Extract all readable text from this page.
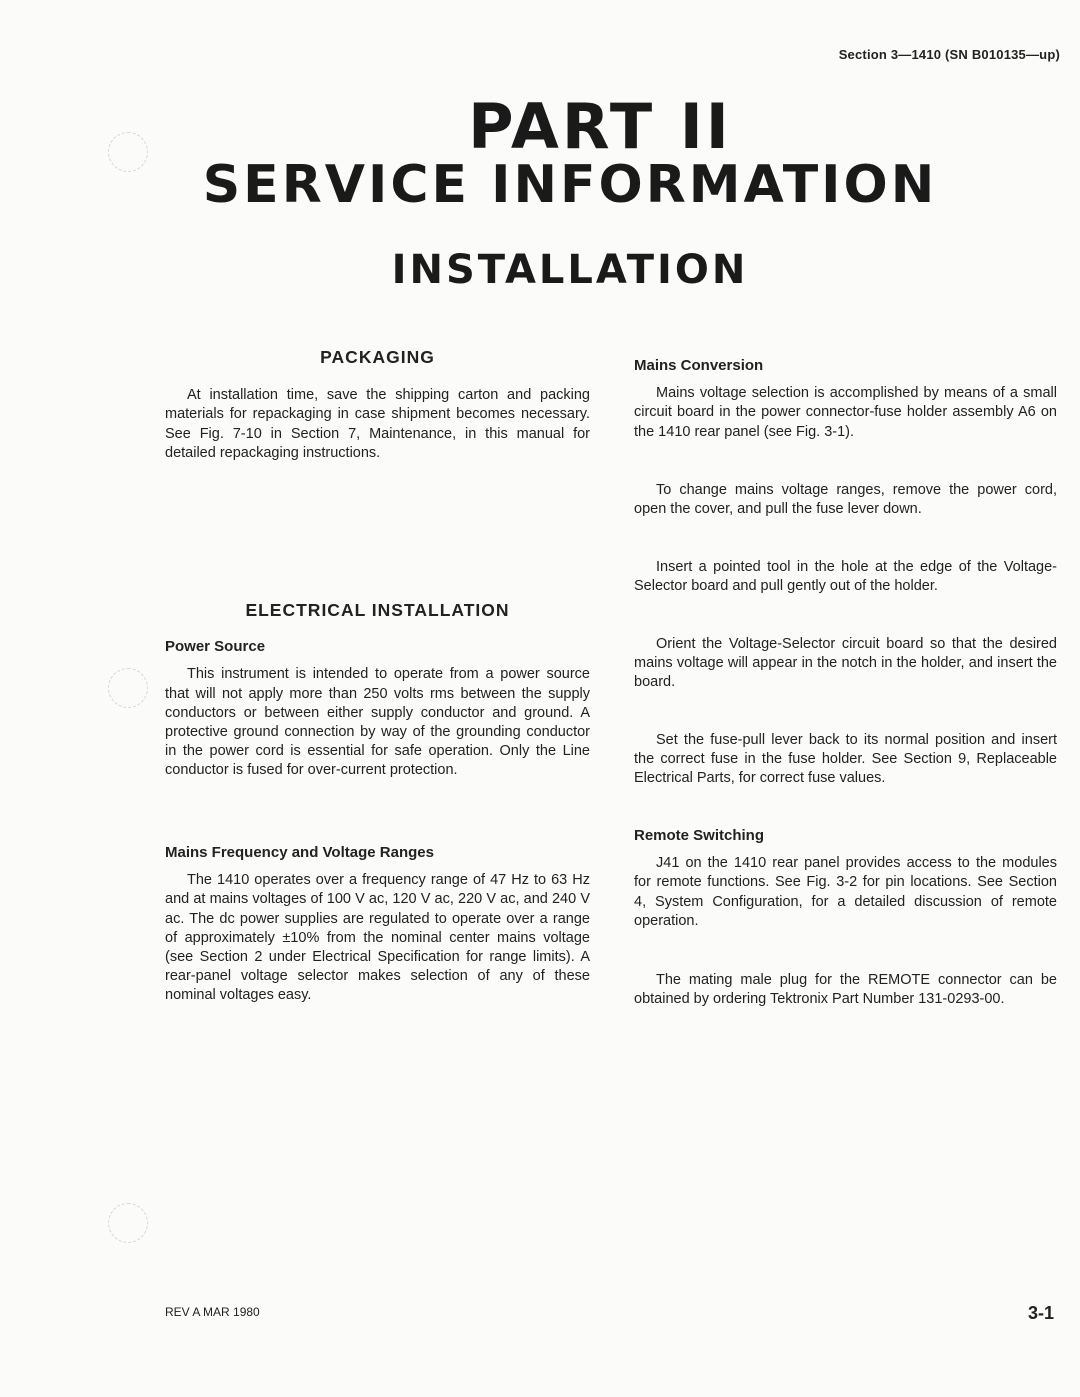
Section 3—1410 (SN B010135—up)
PART II
SERVICE INFORMATION
INSTALLATION
PACKAGING

At installation time, save the shipping carton and packing materials for repackaging in case shipment becomes necessary. See Fig. 7-10 in Section 7, Maintenance, in this manual for detailed repackaging instructions.

ELECTRICAL INSTALLATION
Power Source

This instrument is intended to operate from a power source that will not apply more than 250 volts rms between the supply conductors or between either supply conductor and ground. A protective ground connection by way of the grounding conductor in the power cord is essential for safe operation. Only the Line conductor is fused for over-current protection.

Mains Frequency and Voltage Ranges

The 1410 operates over a frequency range of 47 Hz to 63 Hz and at mains voltages of 100 V ac, 120 V ac, 220 V ac, and 240 V ac. The dc power supplies are regulated to operate over a range of approximately ±10% from the nominal center mains voltage (see Section 2 under Electrical Specification for range limits). A rear-panel voltage selector makes selection of any of these nominal voltages easy.

Mains Conversion

Mains voltage selection is accomplished by means of a small circuit board in the power connector-fuse holder assembly A6 on the 1410 rear panel (see Fig. 3-1).

To change mains voltage ranges, remove the power cord, open the cover, and pull the fuse lever down.

Insert a pointed tool in the hole at the edge of the Voltage-Selector board and pull gently out of the holder.

Orient the Voltage-Selector circuit board so that the desired mains voltage will appear in the notch in the holder, and insert the board.

Set the fuse-pull lever back to its normal position and insert the correct fuse in the fuse holder. See Section 9, Replaceable Electrical Parts, for correct fuse values.

Remote Switching

J41 on the 1410 rear panel provides access to the modules for remote functions. See Fig. 3-2 for pin locations. See Section 4, System Configuration, for a detailed discussion of remote operation.

The mating male plug for the REMOTE connector can be obtained by ordering Tektronix Part Number 131-0293-00.

REV A MAR 1980	3-1
